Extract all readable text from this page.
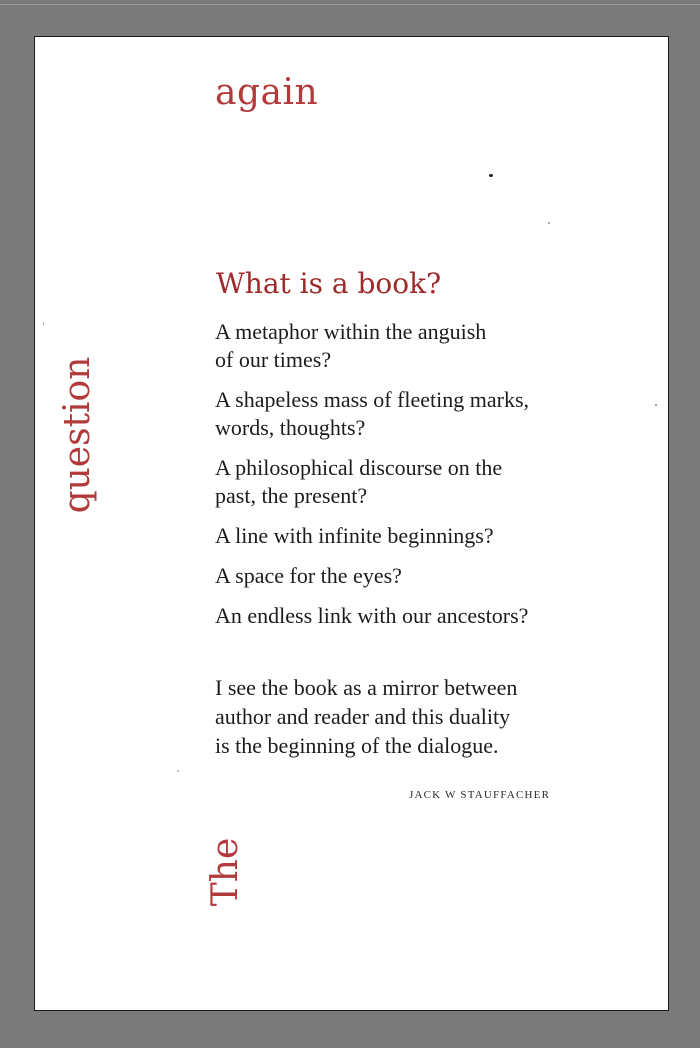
again
question
What is a book?
A metaphor within the anguish
of our times?
A shapeless mass of fleeting marks,
words, thoughts?
A philosophical discourse on the
past, the present?
A line with infinite beginnings?
A space for the eyes?
An endless link with our ancestors?
I see the book as a mirror between
author and reader and this duality
is the beginning of the dialogue.
JACK W STAUFFACHER
The
